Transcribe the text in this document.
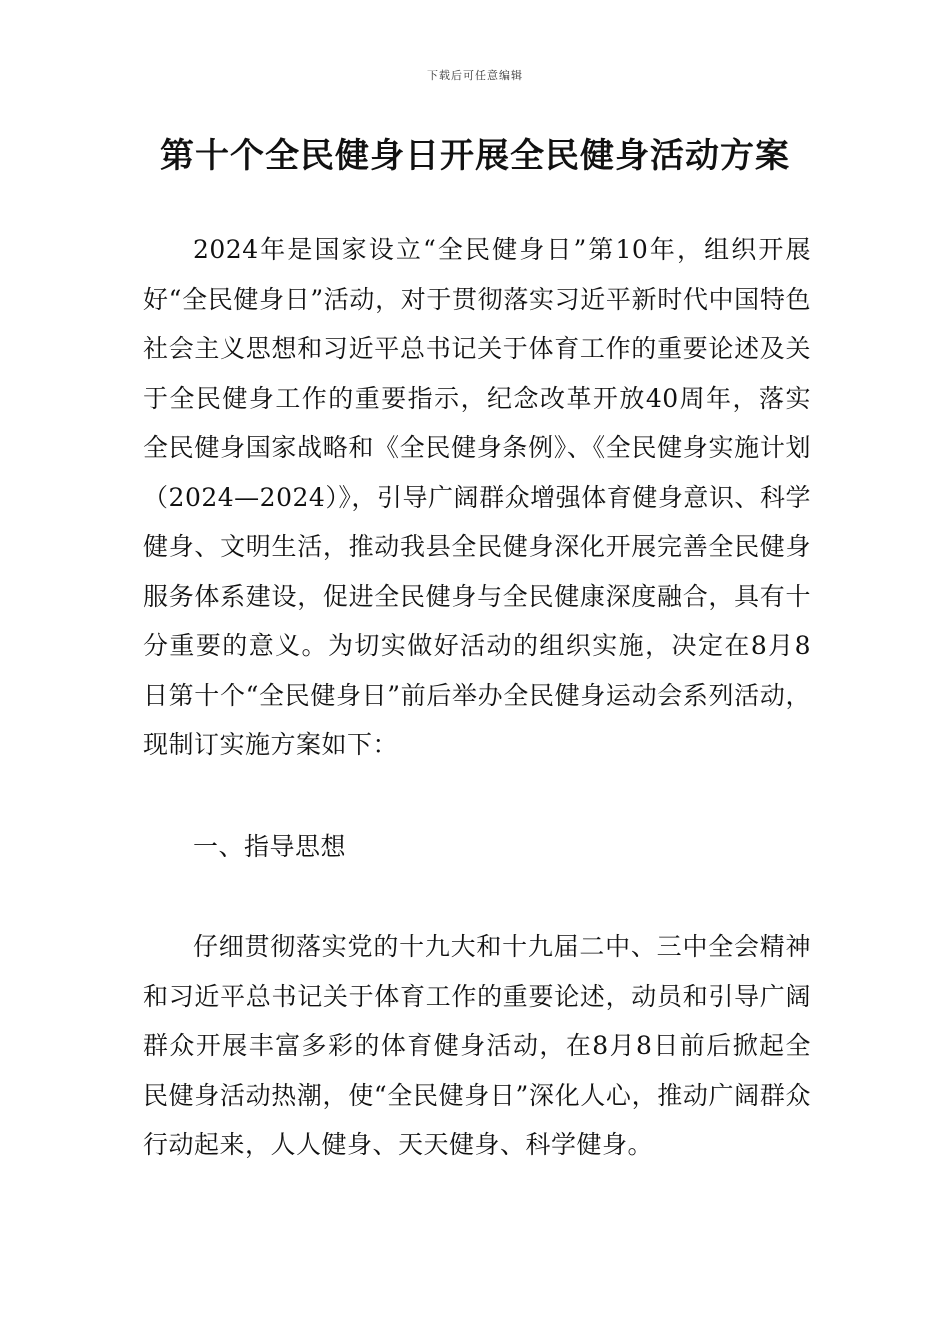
下载后可任意编辑
第十个全民健身日开展全民健身活动方案

2024年是国家设立“全民健身日”第10年，组织开展好“全民健身日”活动，对于贯彻落实习近平新时代中国特色社会主义思想和习近平总书记关于体育工作的重要论述及关于全民健身工作的重要指示，纪念改革开放40周年，落实全民健身国家战略和《全民健身条例》、《全民健身实施计划（2024—2024）》，引导广阔群众增强体育健身意识、科学健身、文明生活，推动我县全民健身深化开展完善全民健身服务体系建设，促进全民健身与全民健康深度融合，具有十分重要的意义。为切实做好活动的组织实施，决定在8月8日第十个“全民健身日”前后举办全民健身运动会系列活动，现制订实施方案如下：

一、指导思想

仔细贯彻落实党的十九大和十九届二中、三中全会精神和习近平总书记关于体育工作的重要论述，动员和引导广阔群众开展丰富多彩的体育健身活动，在8月8日前后掀起全民健身活动热潮，使“全民健身日”深化人心，推动广阔群众行动起来，人人健身、天天健身、科学健身。
